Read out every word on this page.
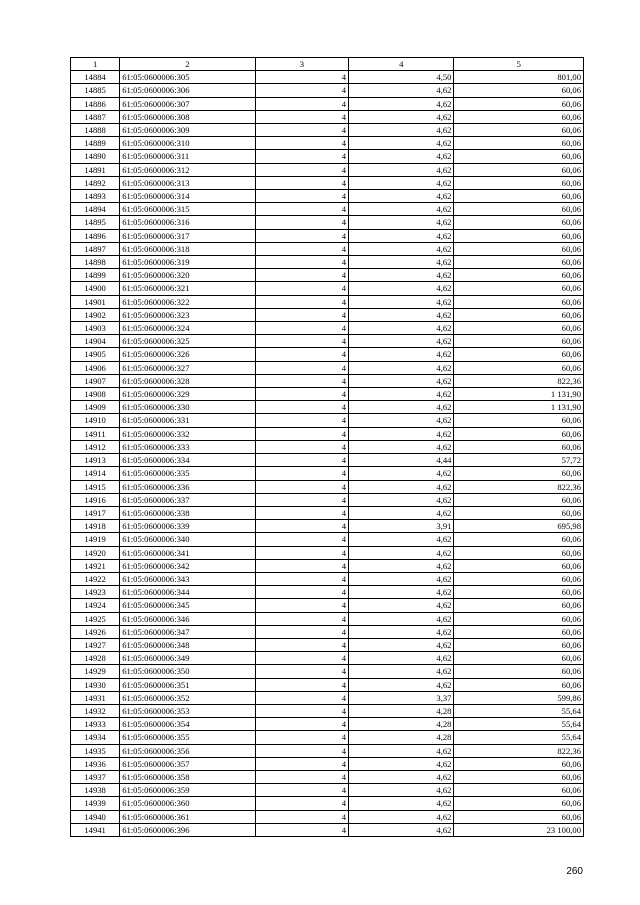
1	2	3	4	5
14884	61:05:0600006:305	4	4,50	801,00
14885	61:05:0600006:306	4	4,62	60,06
14886	61:05:0600006:307	4	4,62	60,06
14887	61:05:0600006:308	4	4,62	60,06
14888	61:05:0600006:309	4	4,62	60,06
14889	61:05:0600006:310	4	4,62	60,06
14890	61:05:0600006:311	4	4,62	60,06
14891	61:05:0600006:312	4	4,62	60,06
14892	61:05:0600006:313	4	4,62	60,06
14893	61:05:0600006:314	4	4,62	60,06
14894	61:05:0600006:315	4	4,62	60,06
14895	61:05:0600006:316	4	4,62	60,06
14896	61:05:0600006:317	4	4,62	60,06
14897	61:05:0600006:318	4	4,62	60,06
14898	61:05:0600006:319	4	4,62	60,06
14899	61:05:0600006:320	4	4,62	60,06
14900	61:05:0600006:321	4	4,62	60,06
14901	61:05:0600006:322	4	4,62	60,06
14902	61:05:0600006:323	4	4,62	60,06
14903	61:05:0600006:324	4	4,62	60,06
14904	61:05:0600006:325	4	4,62	60,06
14905	61:05:0600006:326	4	4,62	60,06
14906	61:05:0600006:327	4	4,62	60,06
14907	61:05:0600006:328	4	4,62	822,36
14908	61:05:0600006:329	4	4,62	1 131,90
14909	61:05:0600006:330	4	4,62	1 131,90
14910	61:05:0600006:331	4	4,62	60,06
14911	61:05:0600006:332	4	4,62	60,06
14912	61:05:0600006:333	4	4,62	60,06
14913	61:05:0600006:334	4	4,44	57,72
14914	61:05:0600006:335	4	4,62	60,06
14915	61:05:0600006:336	4	4,62	822,36
14916	61:05:0600006:337	4	4,62	60,06
14917	61:05:0600006:338	4	4,62	60,06
14918	61:05:0600006:339	4	3,91	695,98
14919	61:05:0600006:340	4	4,62	60,06
14920	61:05:0600006:341	4	4,62	60,06
14921	61:05:0600006:342	4	4,62	60,06
14922	61:05:0600006:343	4	4,62	60,06
14923	61:05:0600006:344	4	4,62	60,06
14924	61:05:0600006:345	4	4,62	60,06
14925	61:05:0600006:346	4	4,62	60,06
14926	61:05:0600006:347	4	4,62	60,06
14927	61:05:0600006:348	4	4,62	60,06
14928	61:05:0600006:349	4	4,62	60,06
14929	61:05:0600006:350	4	4,62	60,06
14930	61:05:0600006:351	4	4,62	60,06
14931	61:05:0600006:352	4	3,37	599,86
14932	61:05:0600006:353	4	4,28	55,64
14933	61:05:0600006:354	4	4,28	55,64
14934	61:05:0600006:355	4	4,28	55,64
14935	61:05:0600006:356	4	4,62	822,36
14936	61:05:0600006:357	4	4,62	60,06
14937	61:05:0600006:358	4	4,62	60,06
14938	61:05:0600006:359	4	4,62	60,06
14939	61:05:0600006:360	4	4,62	60,06
14940	61:05:0600006:361	4	4,62	60,06
14941	61:05:0600006:396	4	4,62	23 100,00
260
